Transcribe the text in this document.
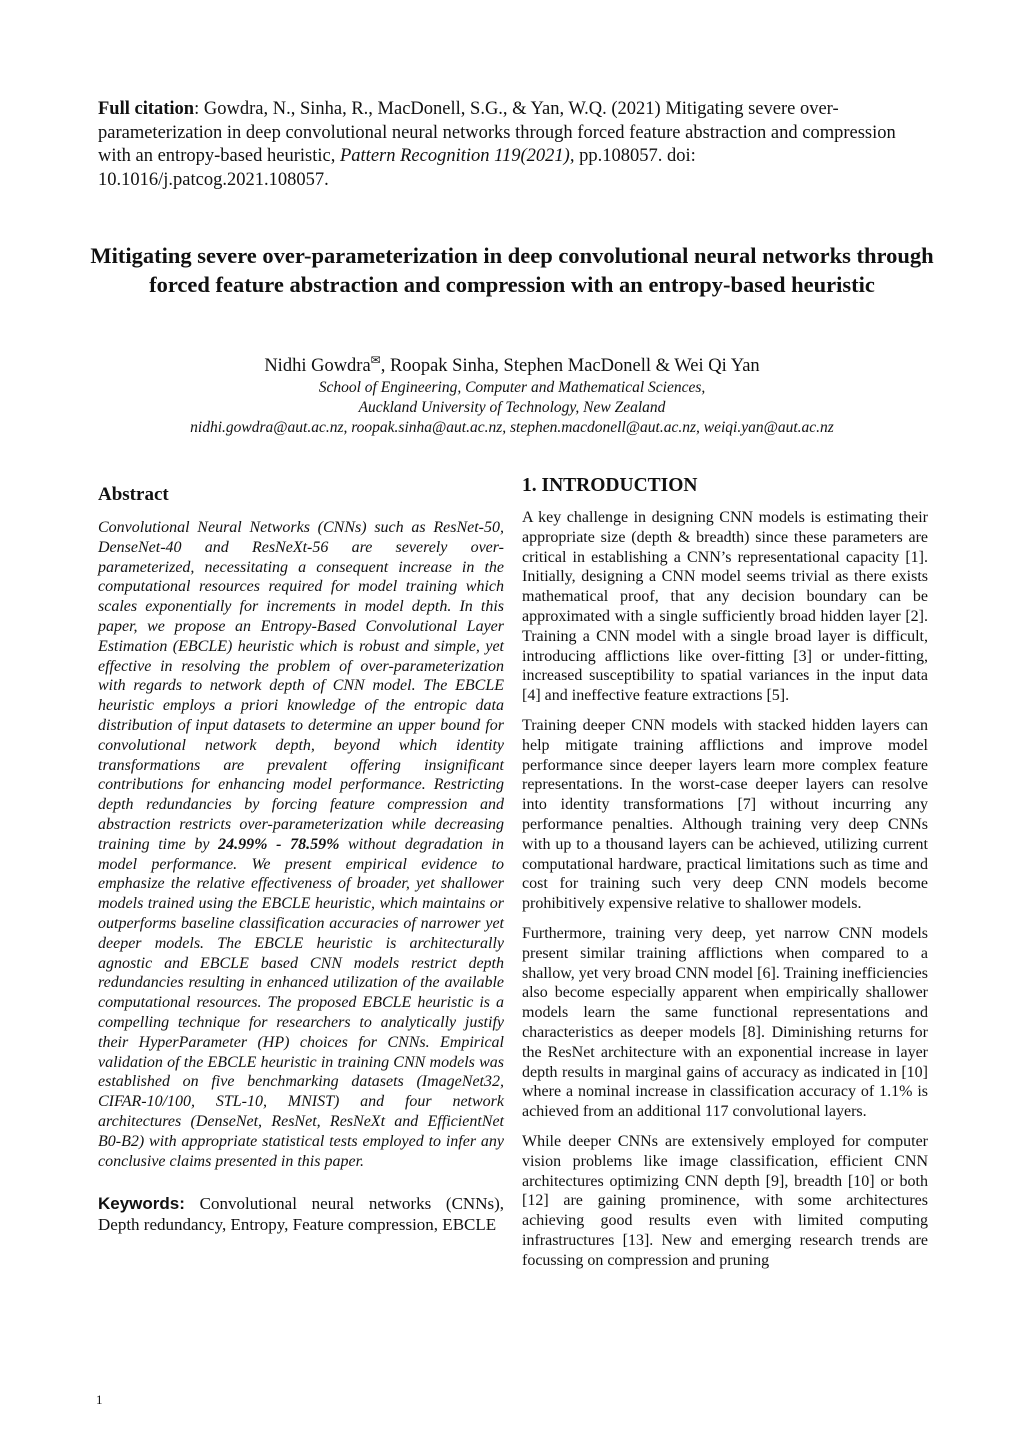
Full citation: Gowdra, N., Sinha, R., MacDonell, S.G., & Yan, W.Q. (2021) Mitigating severe over-parameterization in deep convolutional neural networks through forced feature abstraction and compression with an entropy-based heuristic, Pattern Recognition 119(2021), pp.108057. doi: 10.1016/j.patcog.2021.108057.
Mitigating severe over-parameterization in deep convolutional neural networks through forced feature abstraction and compression with an entropy-based heuristic
Nidhi Gowdra✉, Roopak Sinha, Stephen MacDonell & Wei Qi Yan
School of Engineering, Computer and Mathematical Sciences,
Auckland University of Technology, New Zealand
nidhi.gowdra@aut.ac.nz, roopak.sinha@aut.ac.nz, stephen.macdonell@aut.ac.nz, weiqi.yan@aut.ac.nz
Abstract

Convolutional Neural Networks (CNNs) such as ResNet-50, DenseNet-40 and ResNeXt-56 are severely over-parameterized, necessitating a consequent increase in the computational resources required for model training which scales exponentially for increments in model depth. In this paper, we propose an Entropy-Based Convolutional Layer Estimation (EBCLE) heuristic which is robust and simple, yet effective in resolving the problem of over-parameterization with regards to network depth of CNN model. The EBCLE heuristic employs a priori knowledge of the entropic data distribution of input datasets to determine an upper bound for convolutional network depth, beyond which identity transformations are prevalent offering insignificant contributions for enhancing model performance. Restricting depth redundancies by forcing feature compression and abstraction restricts over-parameterization while decreasing training time by 24.99% - 78.59% without degradation in model performance. We present empirical evidence to emphasize the relative effectiveness of broader, yet shallower models trained using the EBCLE heuristic, which maintains or outperforms baseline classification accuracies of narrower yet deeper models. The EBCLE heuristic is architecturally agnostic and EBCLE based CNN models restrict depth redundancies resulting in enhanced utilization of the available computational resources. The proposed EBCLE heuristic is a compelling technique for researchers to analytically justify their HyperParameter (HP) choices for CNNs. Empirical validation of the EBCLE heuristic in training CNN models was established on five benchmarking datasets (ImageNet32, CIFAR-10/100, STL-10, MNIST) and four network architectures (DenseNet, ResNet, ResNeXt and EfficientNet B0-B2) with appropriate statistical tests employed to infer any conclusive claims presented in this paper.

Keywords: Convolutional neural networks (CNNs), Depth redundancy, Entropy, Feature compression, EBCLE

1. INTRODUCTION

A key challenge in designing CNN models is estimating their appropriate size (depth & breadth) since these parameters are critical in establishing a CNN’s representational capacity [1]. Initially, designing a CNN model seems trivial as there exists mathematical proof, that any decision boundary can be approximated with a single sufficiently broad hidden layer [2]. Training a CNN model with a single broad layer is difficult, introducing afflictions like over-fitting [3] or under-fitting, increased susceptibility to spatial variances in the input data [4] and ineffective feature extractions [5].

Training deeper CNN models with stacked hidden layers can help mitigate training afflictions and improve model performance since deeper layers learn more complex feature representations. In the worst-case deeper layers can resolve into identity transformations [7] without incurring any performance penalties. Although training very deep CNNs with up to a thousand layers can be achieved, utilizing current computational hardware, practical limitations such as time and cost for training such very deep CNN models become prohibitively expensive relative to shallower models.

Furthermore, training very deep, yet narrow CNN models present similar training afflictions when compared to a shallow, yet very broad CNN model [6]. Training inefficiencies also become especially apparent when empirically shallower models learn the same functional representations and characteristics as deeper models [8]. Diminishing returns for the ResNet architecture with an exponential increase in layer depth results in marginal gains of accuracy as indicated in [10] where a nominal increase in classification accuracy of 1.1% is achieved from an additional 117 convolutional layers.

While deeper CNNs are extensively employed for computer vision problems like image classification, efficient CNN architectures optimizing CNN depth [9], breadth [10] or both [12] are gaining prominence, with some architectures achieving good results even with limited computing infrastructures [13]. New and emerging research trends are focussing on compression and pruning

1
